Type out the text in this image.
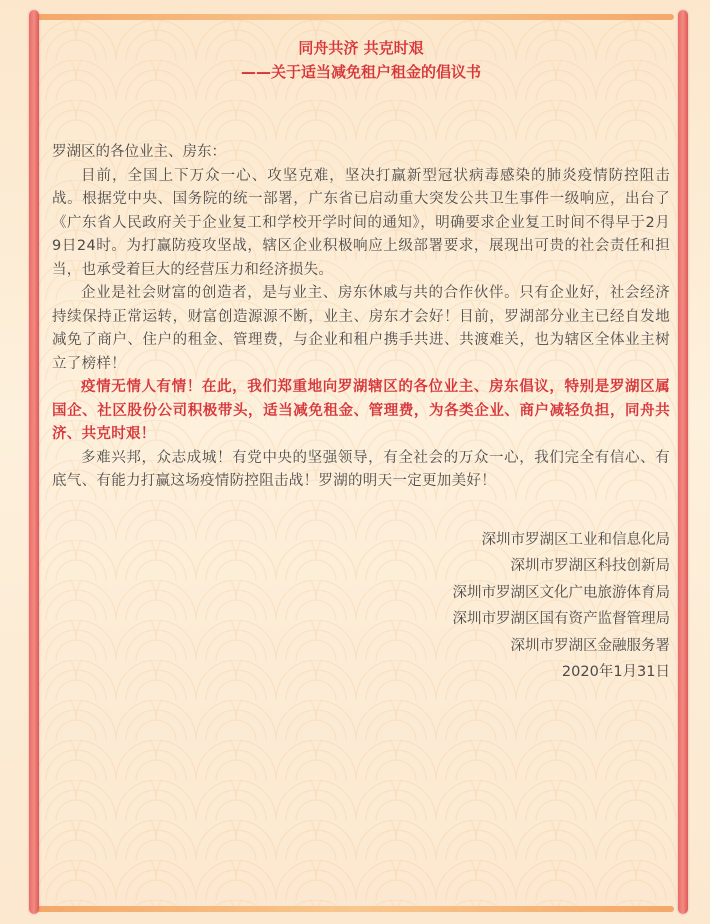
同舟共济 共克时艰
——关于适当减免租户租金的倡议书
罗湖区的各位业主、房东：

目前，全国上下万众一心、攻坚克难，坚决打赢新型冠状病毒感染的肺炎疫情防控阻击战。根据党中央、国务院的统一部署，广东省已启动重大突发公共卫生事件一级响应，出台了《广东省人民政府关于企业复工和学校开学时间的通知》，明确要求企业复工时间不得早于2月9日24时。为打赢防疫攻坚战，辖区企业积极响应上级部署要求，展现出可贵的社会责任和担当，也承受着巨大的经营压力和经济损失。

企业是社会财富的创造者，是与业主、房东休戚与共的合作伙伴。只有企业好，社会经济持续保持正常运转，财富创造源源不断，业主、房东才会好！目前，罗湖部分业主已经自发地减免了商户、住户的租金、管理费，与企业和租户携手共进、共渡难关，也为辖区全体业主树立了榜样！

疫情无情人有情！在此，我们郑重地向罗湖辖区的各位业主、房东倡议，特别是罗湖区属国企、社区股份公司积极带头，适当减免租金、管理费，为各类企业、商户减轻负担，同舟共济、共克时艰！

多难兴邦，众志成城！有党中央的坚强领导，有全社会的万众一心，我们完全有信心、有底气、有能力打赢这场疫情防控阻击战！罗湖的明天一定更加美好！

深圳市罗湖区工业和信息化局
深圳市罗湖区科技创新局
深圳市罗湖区文化广电旅游体育局
深圳市罗湖区国有资产监督管理局
深圳市罗湖区金融服务署
2020年1月31日
